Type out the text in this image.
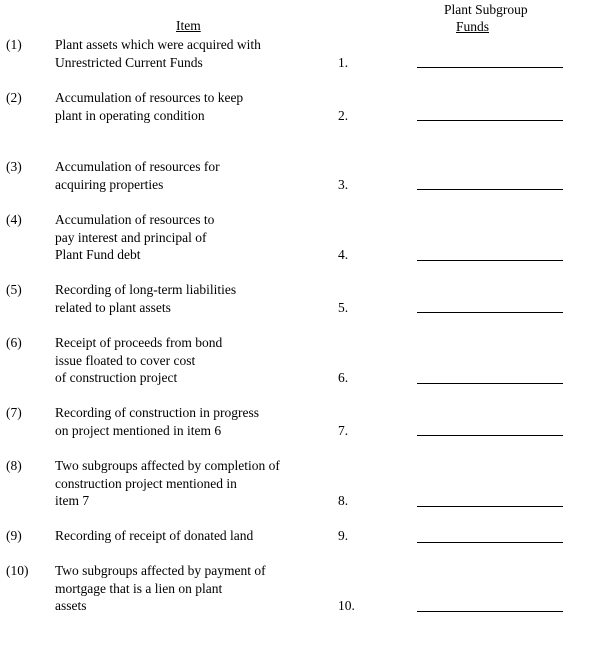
Item
Plant Subgroup
Funds
(1) Plant assets which were acquired with
Unrestricted Current Funds	1.
(2) Accumulation of resources to keep
plant in operating condition	2.
(3) Accumulation of resources for
acquiring properties	3.
(4) Accumulation of resources to
pay interest and principal of
Plant Fund debt	4.
(5) Recording of long-term liabilities
related to plant assets	5.
(6) Receipt of proceeds from bond
issue floated to cover cost
of construction project	6.
(7) Recording of construction in progress
on project mentioned in item 6	7.
(8) Two subgroups affected by completion of
construction project mentioned in
item 7	8.
(9) Recording of receipt of donated land	9.
(10) Two subgroups affected by payment of
mortgage that is a lien on plant
assets	10.
